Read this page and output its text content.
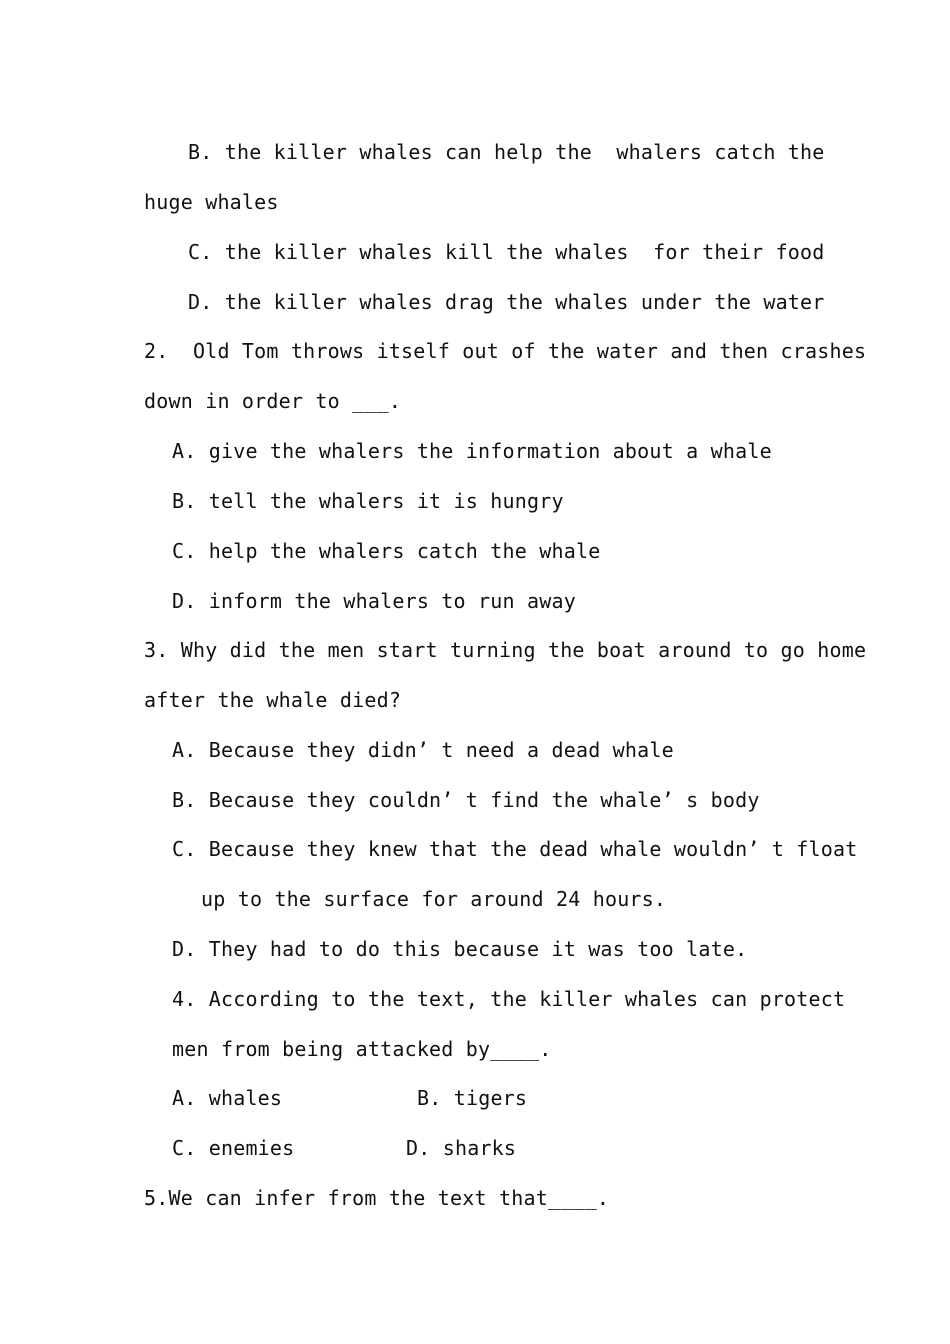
B. the killer whales can help the  whalers catch the
huge whales
C. the killer whales kill the whales  for their food
D. the killer whales drag the whales under the water
2.  Old Tom throws itself out of the water and then crashes
down in order to ___.
A. give the whalers the information about a whale
B. tell the whalers it is hungry
C. help the whalers catch the whale
D. inform the whalers to run away
3. Why did the men start turning the boat around to go home
after the whale died?
A. Because they didn’ t need a dead whale
B. Because they couldn’ t find the whale’ s body
C. Because they knew that the dead whale wouldn’ t float
up to the surface for around 24 hours.
D. They had to do this because it was too late.
4. According to the text, the killer whales can protect
men from being attacked by____.
A. whales	B. tigers
C. enemies	D. sharks
5.We can infer from the text that____.
